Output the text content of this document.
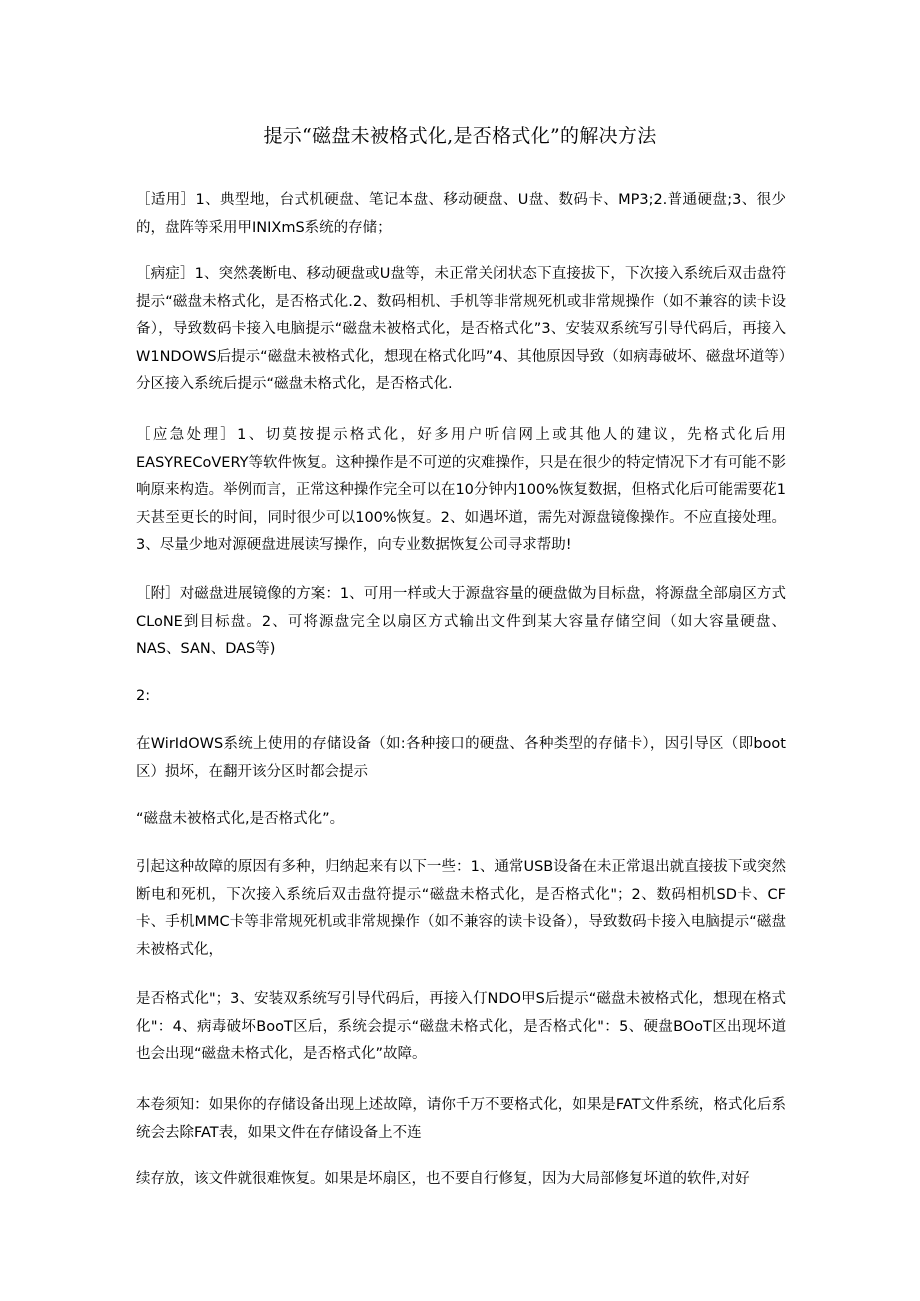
提示“磁盘未被格式化,是否格式化”的解决方法

［适用］1、典型地，台式机硬盘、笔记本盘、移动硬盘、U盘、数码卡、MP3;2.普通硬盘;3、很少的，盘阵等采用甲INIXmS系统的存储；

［病症］1、突然袭断电、移动硬盘或U盘等，未正常关闭状态下直接拔下，下次接入系统后双击盘符提示“磁盘未格式化，是否格式化.2、数码相机、手机等非常规死机或非常规操作（如不兼容的读卡设备），导致数码卡接入电脑提示“磁盘未被格式化，是否格式化”3、安装双系统写引导代码后，再接入W1NDOWS后提示“磁盘未被格式化，想现在格式化吗”4、其他原因导致（如病毒破坏、磁盘坏道等）分区接入系统后提示“磁盘未格式化，是否格式化.

［应急处理］1、切莫按提示格式化，好多用户听信网上或其他人的建议，先格式化后用EASYRECoVERY等软件恢复。这种操作是不可逆的灾难操作，只是在很少的特定情况下才有可能不影响原来构造。举例而言，正常这种操作完全可以在10分钟内100%恢复数据，但格式化后可能需要花1天甚至更长的时间，同时很少可以100%恢复。2、如遇坏道，需先对源盘镜像操作。不应直接处理。3、尽量少地对源硬盘进展读写操作，向专业数据恢复公司寻求帮助!

［附］对磁盘进展镜像的方案：1、可用一样或大于源盘容量的硬盘做为目标盘，将源盘全部扇区方式CLoNE到目标盘。2、可将源盘完全以扇区方式输出文件到某大容量存储空间（如大容量硬盘、NAS、SAN、DAS等)

2:

在WirIdOWS系统上使用的存储设备（如:各种接口的硬盘、各种类型的存储卡），因引导区（即boot区）损坏，在翻开该分区时都会提示

“磁盘未被格式化,是否格式化”。

引起这种故障的原因有多种，归纳起来有以下一些：1、通常USB设备在未正常退出就直接拔下或突然断电和死机，下次接入系统后双击盘符提示“磁盘未格式化，是否格式化"；2、数码相机SD卡、CF卡、手机MMC卡等非常规死机或非常规操作（如不兼容的读卡设备），导致数码卡接入电脑提示“磁盘未被格式化，

是否格式化"；3、安装双系统写引导代码后，再接入仃NDO甲S后提示“磁盘未被格式化，想现在格式化"：4、病毒破坏BooT区后，系统会提示“磁盘未格式化，是否格式化"：5、硬盘BOoT区出现坏道也会出现“磁盘未格式化，是否格式化”故障。

本卷须知：如果你的存储设备出现上述故障，请你千万不要格式化，如果是FAT文件系统，格式化后系统会去除FAT表，如果文件在存储设备上不连

续存放，该文件就很难恢复。如果是坏扇区，也不要自行修复，因为大局部修复坏道的软件,对好
